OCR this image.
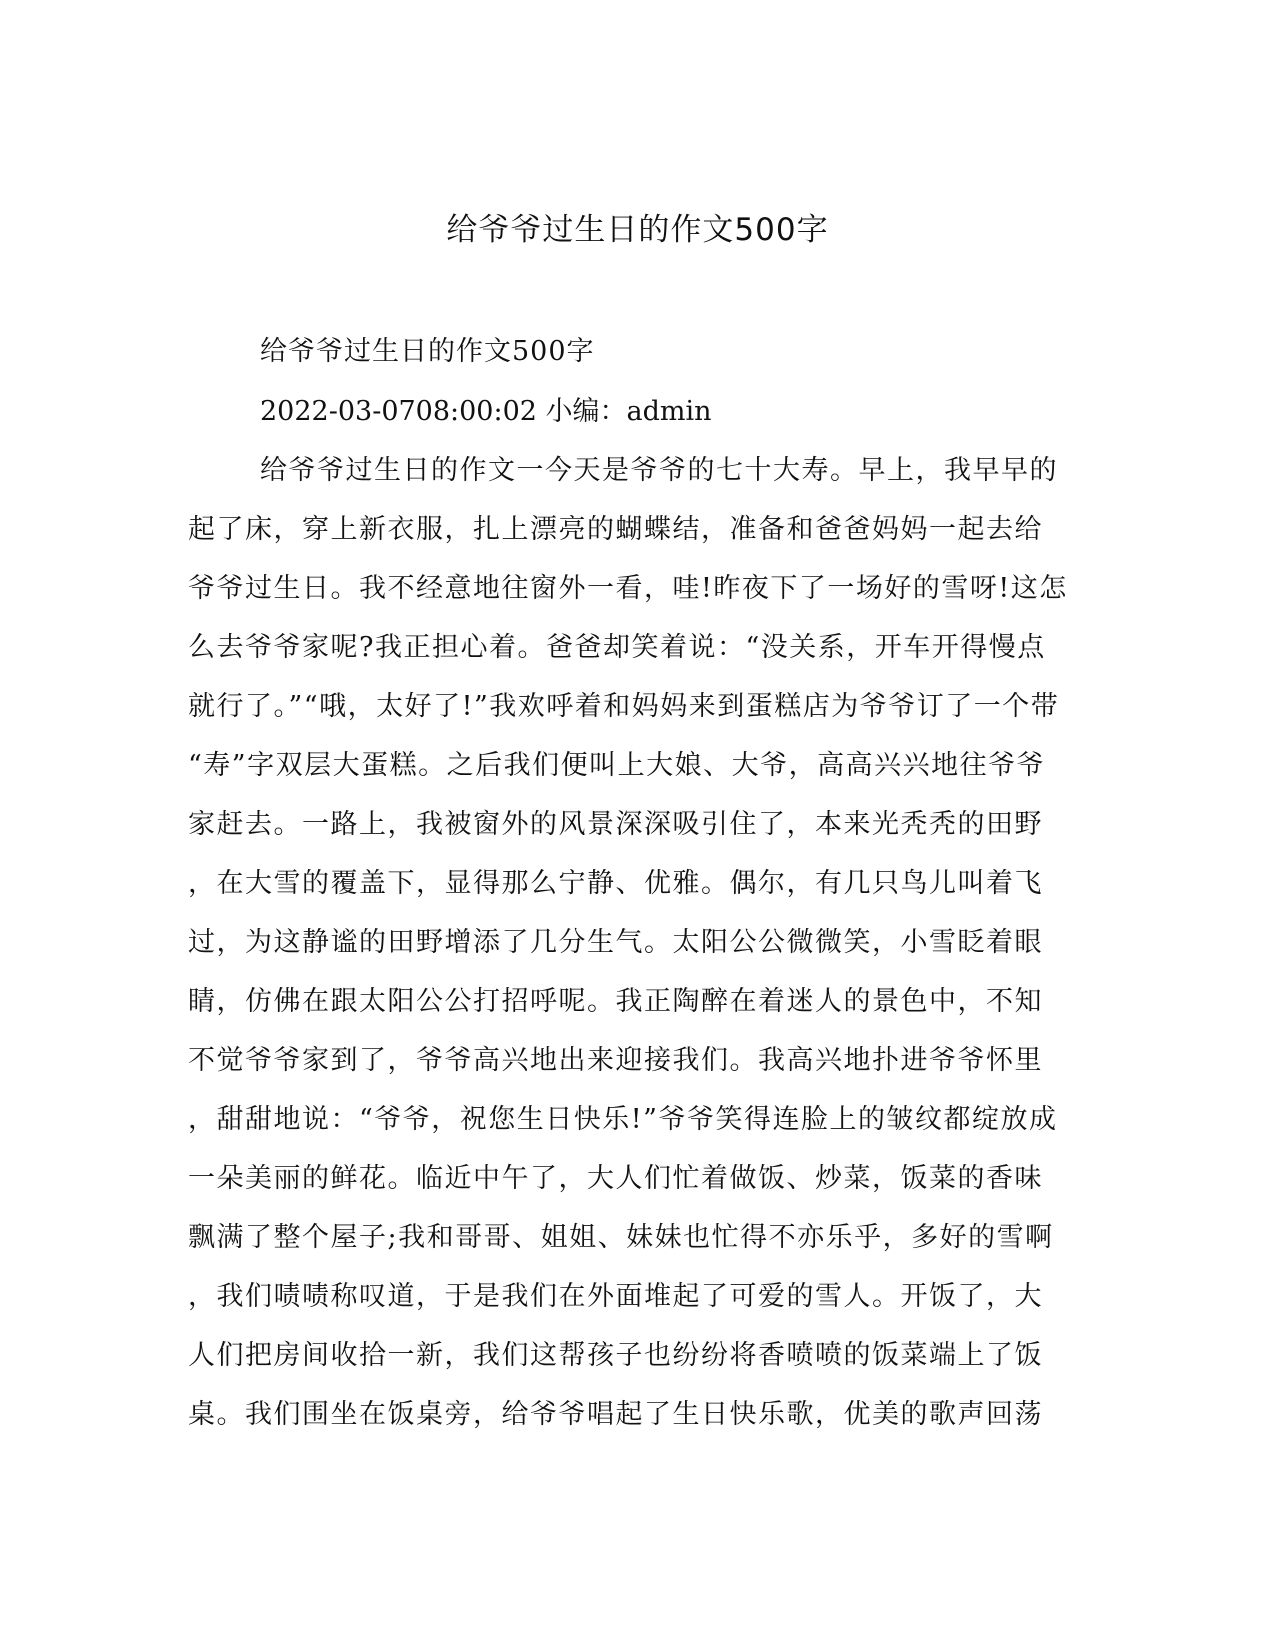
给爷爷过生日的作文500字

给爷爷过生日的作文500字

2022-03-0708:00:02 小编：admin

给爷爷过生日的作文一今天是爷爷的七十大寿。早上，我早早的

起了床，穿上新衣服，扎上漂亮的蝴蝶结，准备和爸爸妈妈一起去给

爷爷过生日。我不经意地往窗外一看，哇!昨夜下了一场好的雪呀!这怎

么去爷爷家呢?我正担心着。爸爸却笑着说：“没关系，开车开得慢点

就行了。”“哦，太好了!”我欢呼着和妈妈来到蛋糕店为爷爷订了一个带

“寿”字双层大蛋糕。之后我们便叫上大娘、大爷，高高兴兴地往爷爷

家赶去。一路上，我被窗外的风景深深吸引住了，本来光秃秃的田野

，在大雪的覆盖下，显得那么宁静、优雅。偶尔，有几只鸟儿叫着飞

过，为这静谧的田野增添了几分生气。太阳公公微微笑，小雪眨着眼

睛，仿佛在跟太阳公公打招呼呢。我正陶醉在着迷人的景色中，不知

不觉爷爷家到了，爷爷高兴地出来迎接我们。我高兴地扑进爷爷怀里

，甜甜地说：“爷爷，祝您生日快乐!”爷爷笑得连脸上的皱纹都绽放成

一朵美丽的鲜花。临近中午了，大人们忙着做饭、炒菜，饭菜的香味

飘满了整个屋子;我和哥哥、姐姐、妹妹也忙得不亦乐乎，多好的雪啊

，我们啧啧称叹道，于是我们在外面堆起了可爱的雪人。开饭了，大

人们把房间收拾一新，我们这帮孩子也纷纷将香喷喷的饭菜端上了饭

桌。我们围坐在饭桌旁，给爷爷唱起了生日快乐歌，优美的歌声回荡
